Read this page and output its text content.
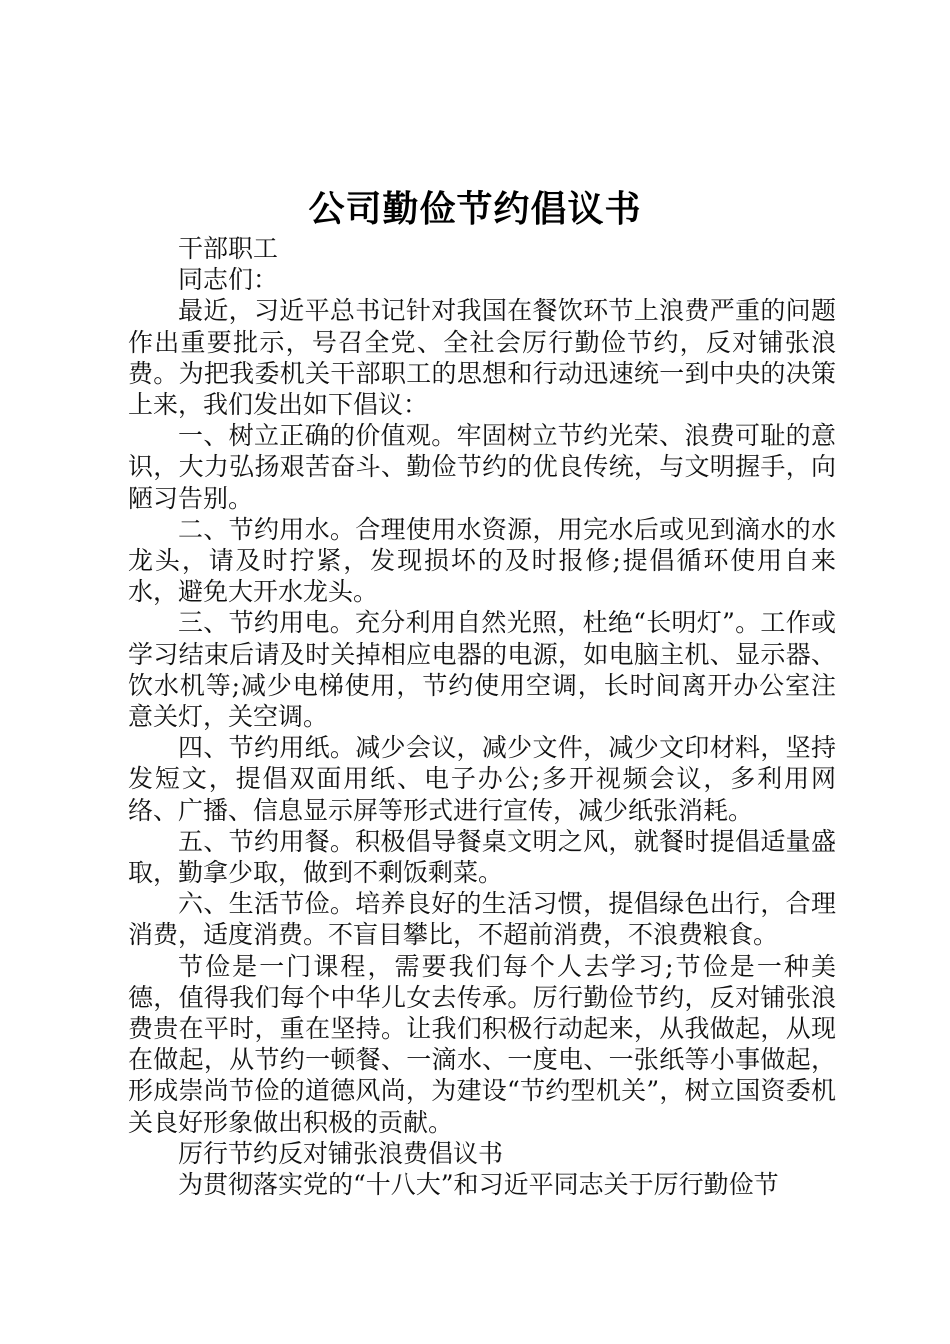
公司勤俭节约倡议书

干部职工

同志们：

最近，习近平总书记针对我国在餐饮环节上浪费严重的问题作出重要批示，号召全党、全社会厉行勤俭节约，反对铺张浪费。为把我委机关干部职工的思想和行动迅速统一到中央的决策上来，我们发出如下倡议：

一、树立正确的价值观。牢固树立节约光荣、浪费可耻的意识，大力弘扬艰苦奋斗、勤俭节约的优良传统，与文明握手，向陋习告别。

二、节约用水。合理使用水资源，用完水后或见到滴水的水龙头，请及时拧紧，发现损坏的及时报修;提倡循环使用自来水，避免大开水龙头。

三、节约用电。充分利用自然光照，杜绝“长明灯”。工作或学习结束后请及时关掉相应电器的电源，如电脑主机、显示器、饮水机等;减少电梯使用，节约使用空调，长时间离开办公室注意关灯，关空调。

四、节约用纸。减少会议，减少文件，减少文印材料，坚持发短文，提倡双面用纸、电子办公;多开视频会议，多利用网络、广播、信息显示屏等形式进行宣传，减少纸张消耗。

五、节约用餐。积极倡导餐桌文明之风，就餐时提倡适量盛取，勤拿少取，做到不剩饭剩菜。

六、生活节俭。培养良好的生活习惯，提倡绿色出行，合理消费，适度消费。不盲目攀比，不超前消费，不浪费粮食。

节俭是一门课程，需要我们每个人去学习;节俭是一种美德，值得我们每个中华儿女去传承。厉行勤俭节约，反对铺张浪费贵在平时，重在坚持。让我们积极行动起来，从我做起，从现在做起，从节约一顿餐、一滴水、一度电、一张纸等小事做起，形成崇尚节俭的道德风尚，为建设“节约型机关”，树立国资委机关良好形象做出积极的贡献。

厉行节约反对铺张浪费倡议书

为贯彻落实党的“十八大”和习近平同志关于厉行勤俭节
